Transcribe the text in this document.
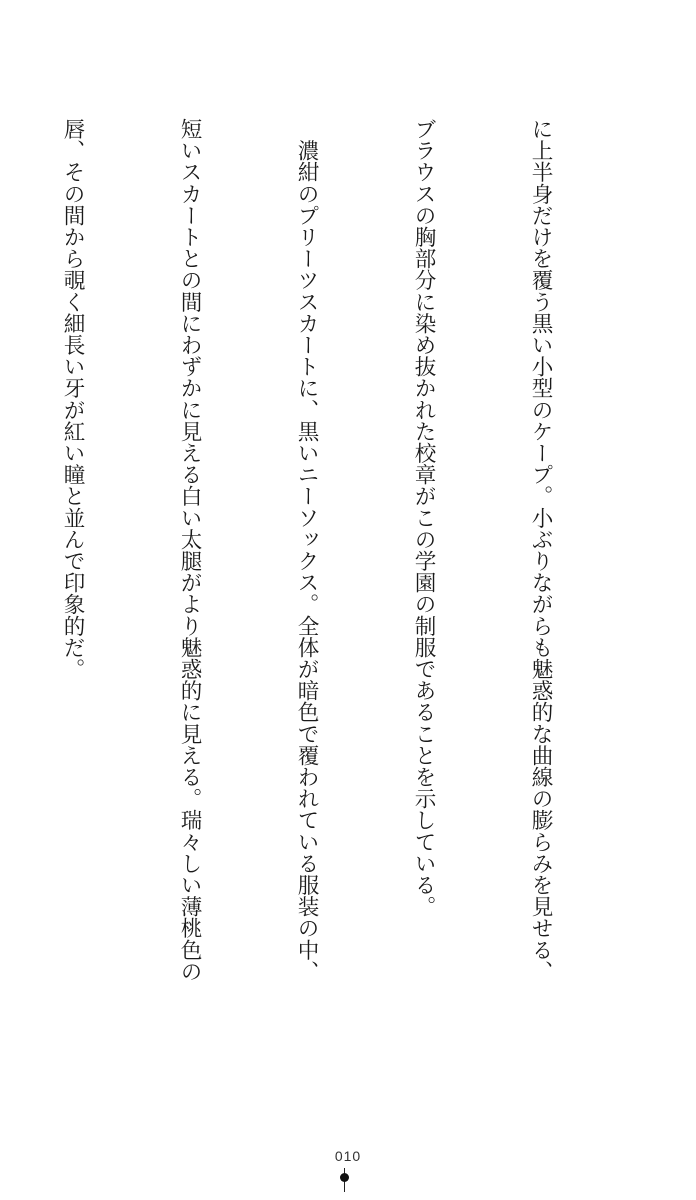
に上半身だけを覆う黒い小型のケープ。小ぶりながらも魅惑的な曲線の膨らみを見せる、

ブラウスの胸部分に染め抜かれた校章がこの学園の制服であることを示している。

　濃紺のプリーツスカートに、黒いニーソックス。全体が暗色で覆われている服装の中、

短いスカートとの間にわずかに見える白い太腿がより魅惑的に見える。瑞々しい薄桃色の

唇、その間から覗く細長い牙が紅い瞳と並んで印象的だ。

010
